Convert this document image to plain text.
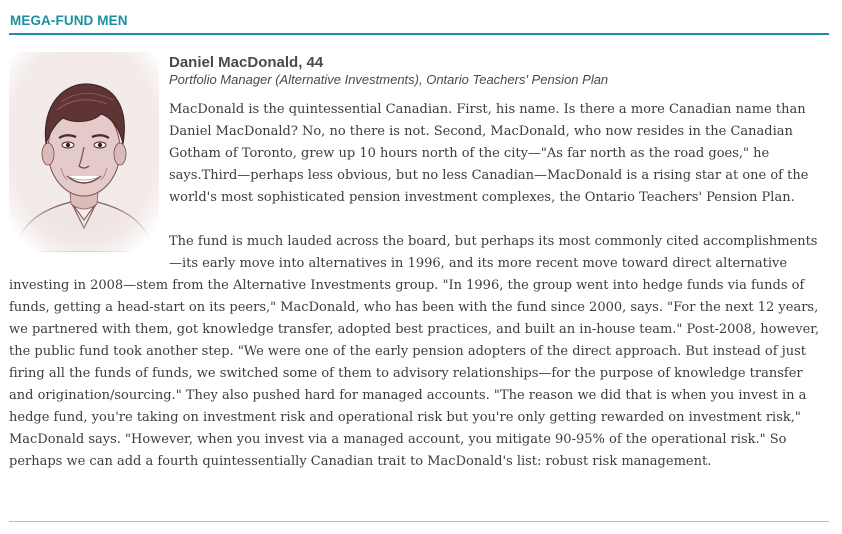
MEGA-FUND MEN
Daniel MacDonald, 44
Portfolio Manager (Alternative Investments), Ontario Teachers' Pension Plan

MacDonald is the quintessential Canadian. First, his name. Is there a more Canadian name than Daniel MacDonald? No, no there is not. Second, MacDonald, who now resides in the Canadian Gotham of Toronto, grew up 10 hours north of the city—"As far north as the road goes," he says.Third—perhaps less obvious, but no less Canadian—MacDonald is a rising star at one of the world's most sophisticated pension investment complexes, the Ontario Teachers' Pension Plan.

The fund is much lauded across the board, but perhaps its most commonly cited accomplishments—its early move into alternatives in 1996, and its more recent move toward direct alternative investing in 2008—stem from the Alternative Investments group. "In 1996, the group went into hedge funds via funds of funds, getting a head-start on its peers," MacDonald, who has been with the fund since 2000, says. "For the next 12 years, we partnered with them, got knowledge transfer, adopted best practices, and built an in-house team." Post-2008, however, the public fund took another step. "We were one of the early pension adopters of the direct approach. But instead of just firing all the funds of funds, we switched some of them to advisory relationships—for the purpose of knowledge transfer and origination/sourcing." They also pushed hard for managed accounts. "The reason we did that is when you invest in a hedge fund, you're taking on investment risk and operational risk but you're only getting rewarded on investment risk," MacDonald says. "However, when you invest via a managed account, you mitigate 90-95% of the operational risk." So perhaps we can add a fourth quintessentially Canadian trait to MacDonald's list: robust risk management.
